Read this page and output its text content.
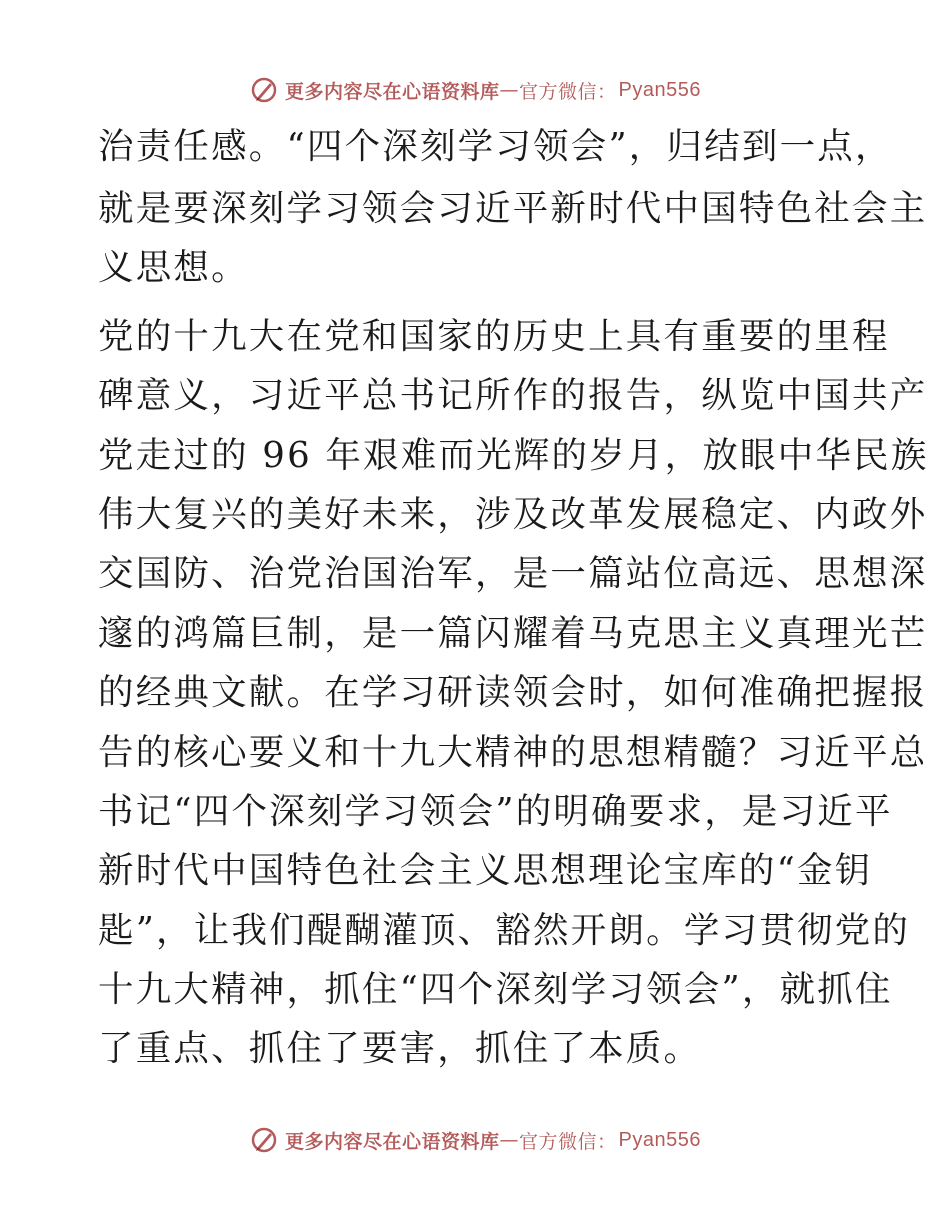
更多内容尽在心语资料库 — 官方微信： Pyan556
治责任感。“四个深刻学习领会”，归结到一点，
就是要深刻学习领会习近平新时代中国特色社会主
义思想。
党的十九大在党和国家的历史上具有重要的里程
碑意义，习近平总书记所作的报告，纵览中国共产
党走过的 96 年艰难而光辉的岁月，放眼中华民族
伟大复兴的美好未来，涉及改革发展稳定、内政外
交国防、治党治国治军，是一篇站位高远、思想深
邃的鸿篇巨制，是一篇闪耀着马克思主义真理光芒
的经典文献。在学习研读领会时，如何准确把握报
告的核心要义和十九大精神的思想精髓？习近平总
书记“四个深刻学习领会”的明确要求，是习近平
新时代中国特色社会主义思想理论宝库的“金钥
匙”，让我们醍醐灌顶、豁然开朗。学习贯彻党的
十九大精神，抓住“四个深刻学习领会”，就抓住
了重点、抓住了要害，抓住了本质。
更多内容尽在心语资料库 — 官方微信： Pyan556
